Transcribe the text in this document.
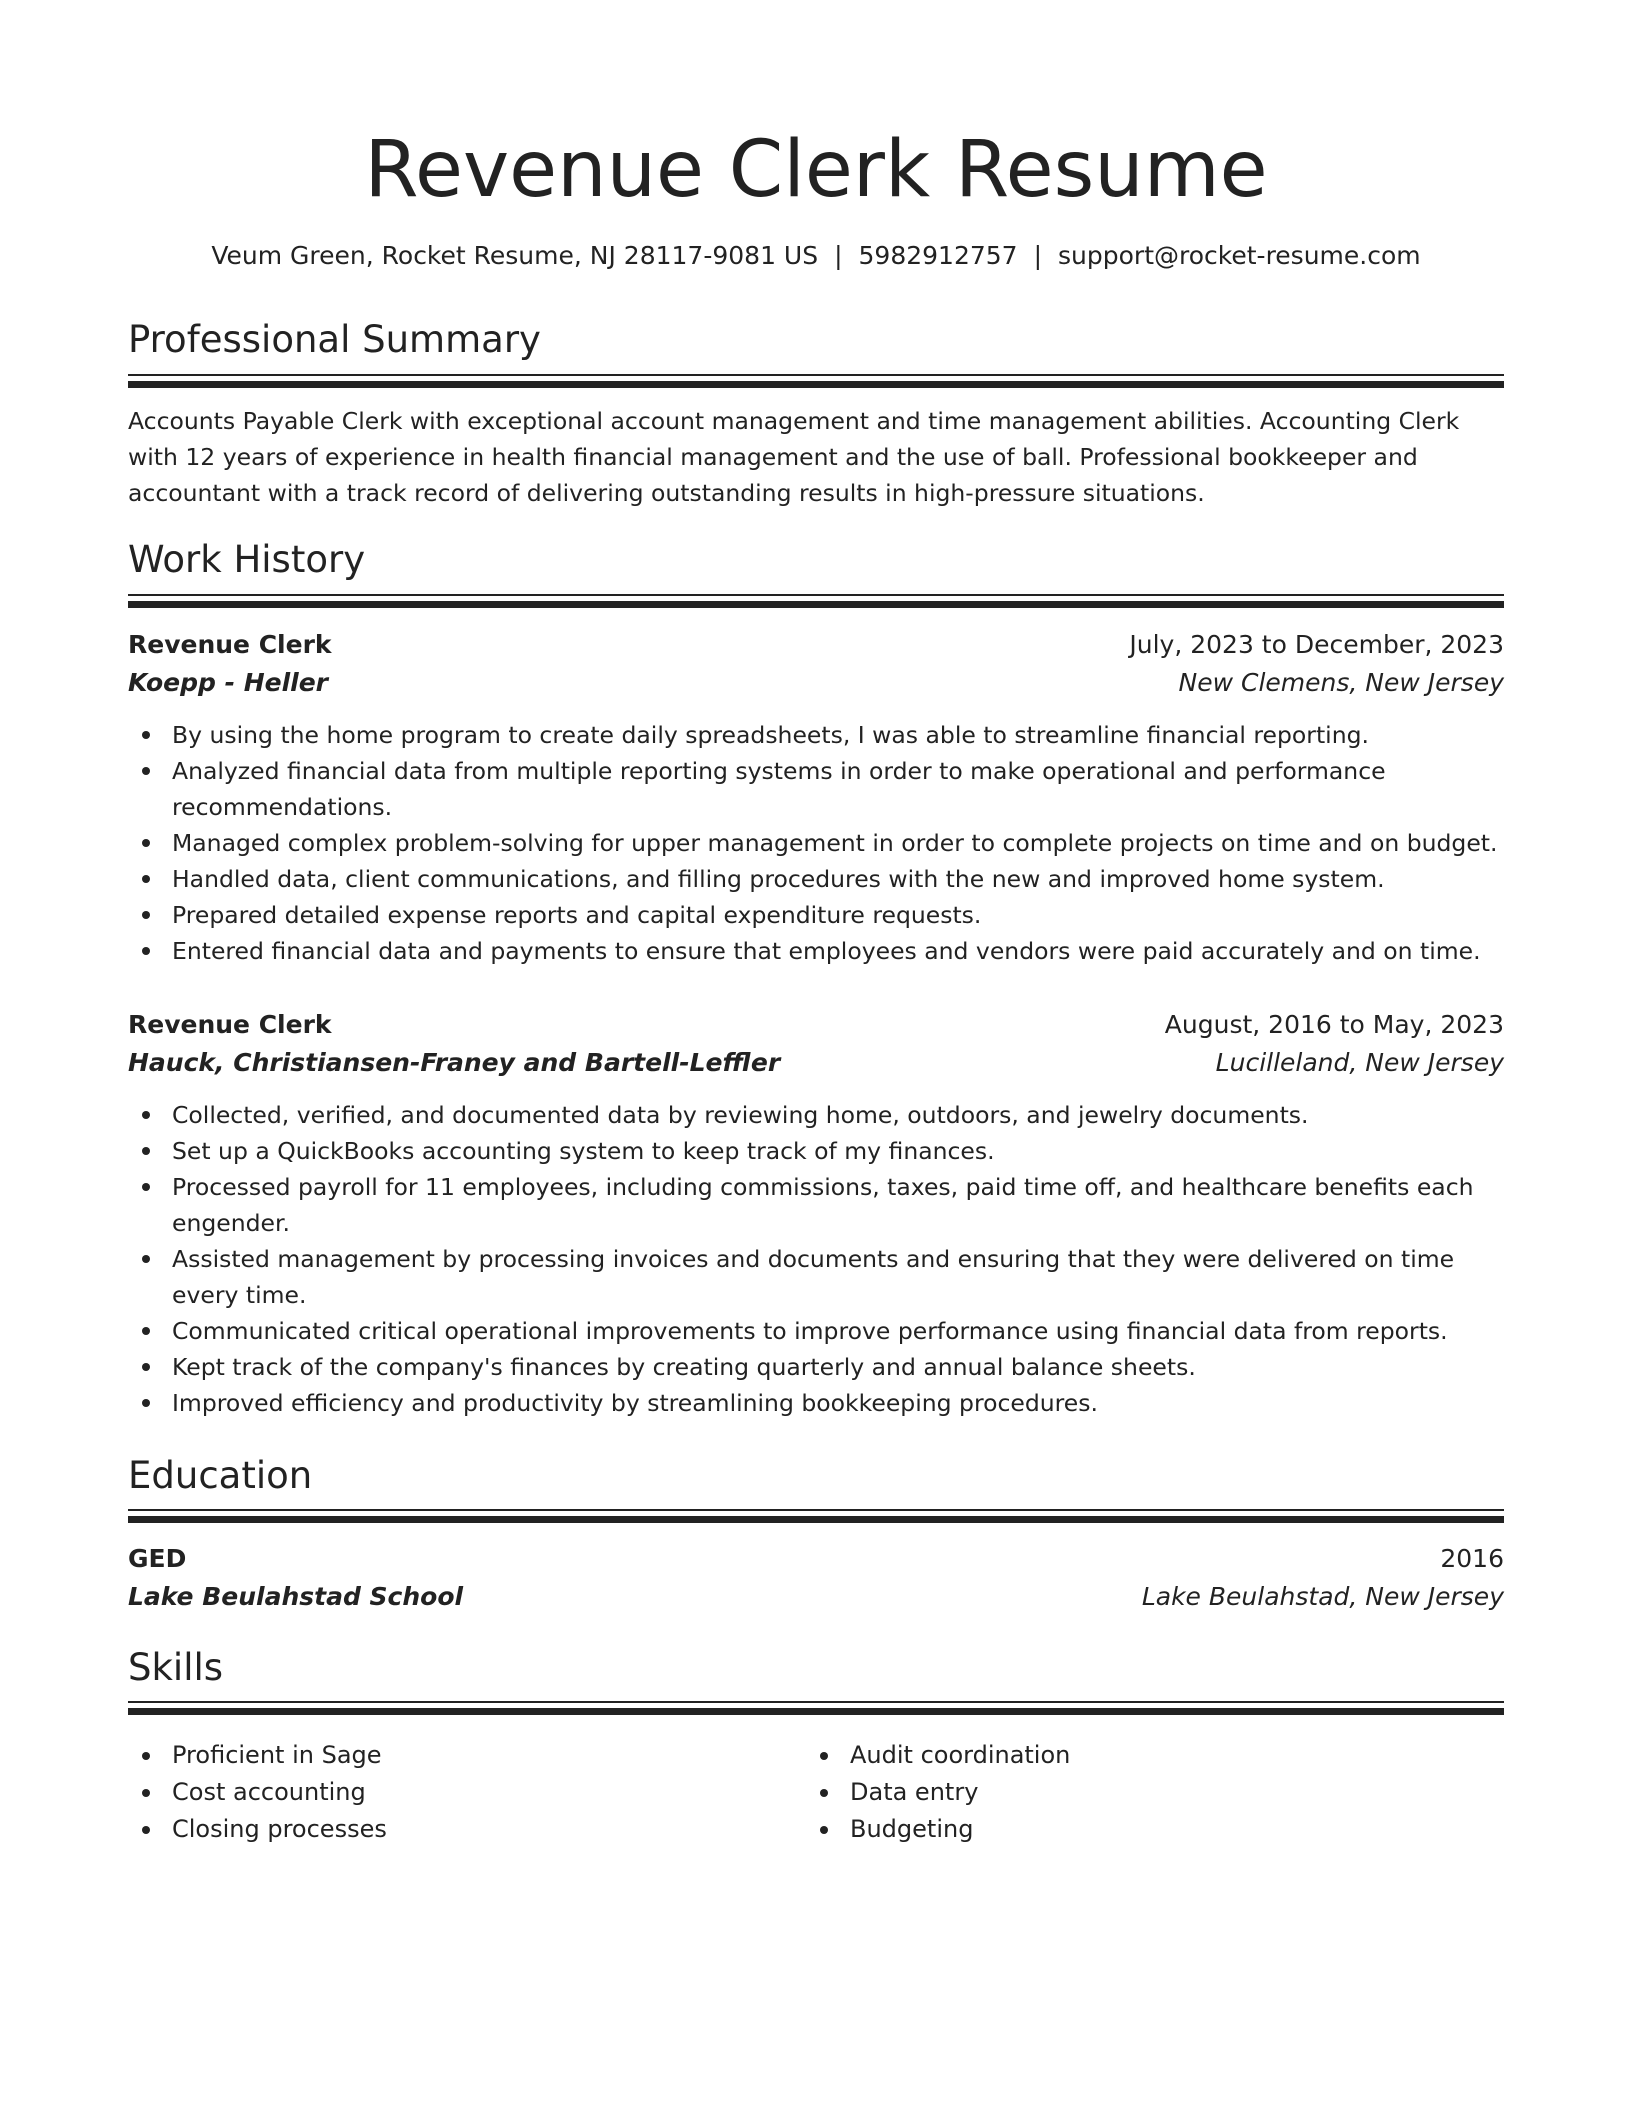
Revenue Clerk Resume
Veum Green, Rocket Resume, NJ 28117-9081 US | 5982912757 | support@rocket-resume.com
Professional Summary
Accounts Payable Clerk with exceptional account management and time management abilities. Accounting Clerk with 12 years of experience in health financial management and the use of ball. Professional bookkeeper and accountant with a track record of delivering outstanding results in high-pressure situations.
Work History
Revenue Clerk	July, 2023 to December, 2023
Koepp - Heller	New Clemens, New Jersey
By using the home program to create daily spreadsheets, I was able to streamline financial reporting.
Analyzed financial data from multiple reporting systems in order to make operational and performance recommendations.
Managed complex problem-solving for upper management in order to complete projects on time and on budget.
Handled data, client communications, and filling procedures with the new and improved home system.
Prepared detailed expense reports and capital expenditure requests.
Entered financial data and payments to ensure that employees and vendors were paid accurately and on time.
Revenue Clerk	August, 2016 to May, 2023
Hauck, Christiansen-Franey and Bartell-Leffler	Lucilleland, New Jersey
Collected, verified, and documented data by reviewing home, outdoors, and jewelry documents.
Set up a QuickBooks accounting system to keep track of my finances.
Processed payroll for 11 employees, including commissions, taxes, paid time off, and healthcare benefits each engender.
Assisted management by processing invoices and documents and ensuring that they were delivered on time every time.
Communicated critical operational improvements to improve performance using financial data from reports.
Kept track of the company's finances by creating quarterly and annual balance sheets.
Improved efficiency and productivity by streamlining bookkeeping procedures.
Education
GED	2016
Lake Beulahstad School	Lake Beulahstad, New Jersey
Skills
Proficient in Sage
Cost accounting
Closing processes
Audit coordination
Data entry
Budgeting
